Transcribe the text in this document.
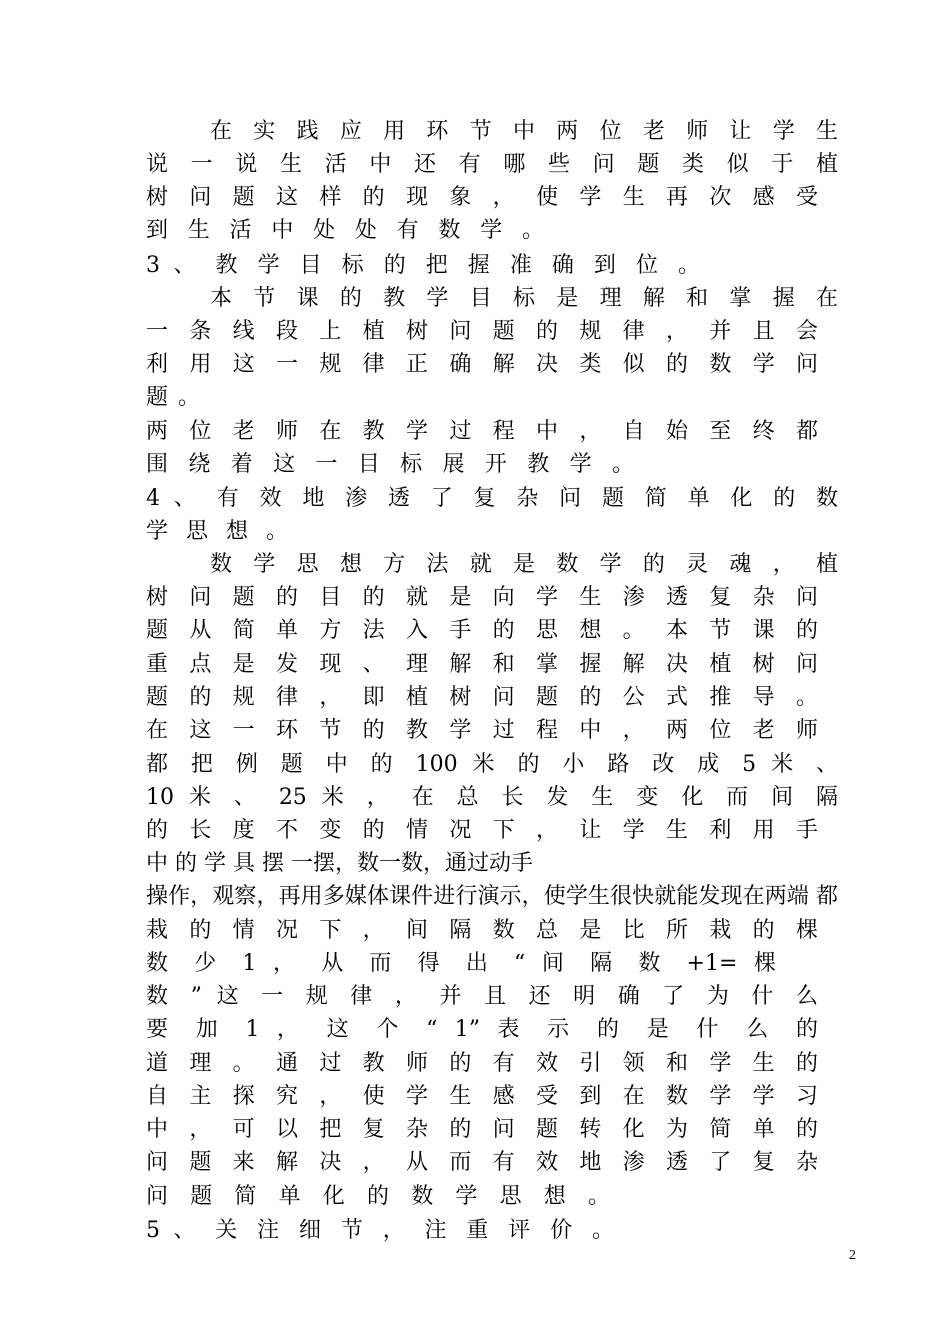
在 实 践 应 用 环 节 中 两 位 老 师 让 学 生
说 一 说 生 活 中 还 有 哪 些 问 题 类 似 于 植
树 问 题 这 样 的 现 象 ， 使 学 生 再 次 感 受
到 生 活 中 处 处 有 数 学 。
3 、 教 学 目 标 的 把 握 准 确 到 位 。
本 节 课 的 教 学 目 标 是 理 解 和 掌 握 在
一 条 线 段 上 植 树 问 题 的 规 律 ， 并 且 会
利 用 这 一 规 律 正 确 解 决 类 似 的 数 学 问
题 。
两 位 老 师 在 教 学 过 程 中 ， 自 始 至 终 都
围 绕 着 这 一 目 标 展 开 教 学 。
4 、 有 效 地 渗 透 了 复 杂 问 题 简 单 化 的 数
学 思 想 。
数 学 思 想 方 法 就 是 数 学 的 灵 魂 ， 植
树 问 题 的 目 的 就 是 向 学 生 渗 透 复 杂 问
题 从 简 单 方 法 入 手 的 思 想 。 本 节 课 的
重 点 是 发 现 、 理 解 和 掌 握 解 决 植 树 问
题 的 规 律 ， 即 植 树 问 题 的 公 式 推 导 。
在 这 一 环 节 的 教 学 过 程 中 ， 两 位 老 师
都 把 例 题 中 的 100 米 的 小 路 改 成 5 米 、
10 米 、 25 米 ， 在 总 长 发 生 变 化 而 间 隔
的 长 度 不 变 的 情 况 下 ， 让 学 生 利 用 手
中 的 学 具 摆 一摆，数一数，通过动手
操作，观察，再用多媒体课件进行演示，使学生很快就能发现在两端 都
栽 的 情 况 下 ， 间 隔 数 总 是 比 所 栽 的 棵
数 少 1 ， 从 而 得 出 “ 间 隔 数 +1= 棵
数 ” 这 一 规 律 ， 并 且 还 明 确 了 为 什 么
要 加 1 ， 这 个 “ 1” 表 示 的 是 什 么 的
道 理 。 通 过 教 师 的 有 效 引 领 和 学 生 的
自 主 探 究 ， 使 学 生 感 受 到 在 数 学 学 习
中 ， 可 以 把 复 杂 的 问 题 转 化 为 简 单 的
问 题 来 解 决 ， 从 而 有 效 地 渗 透 了 复 杂
问 题 简 单 化 的 数 学 思 想 。
5 、 关 注 细 节 ， 注 重 评 价 。
2
